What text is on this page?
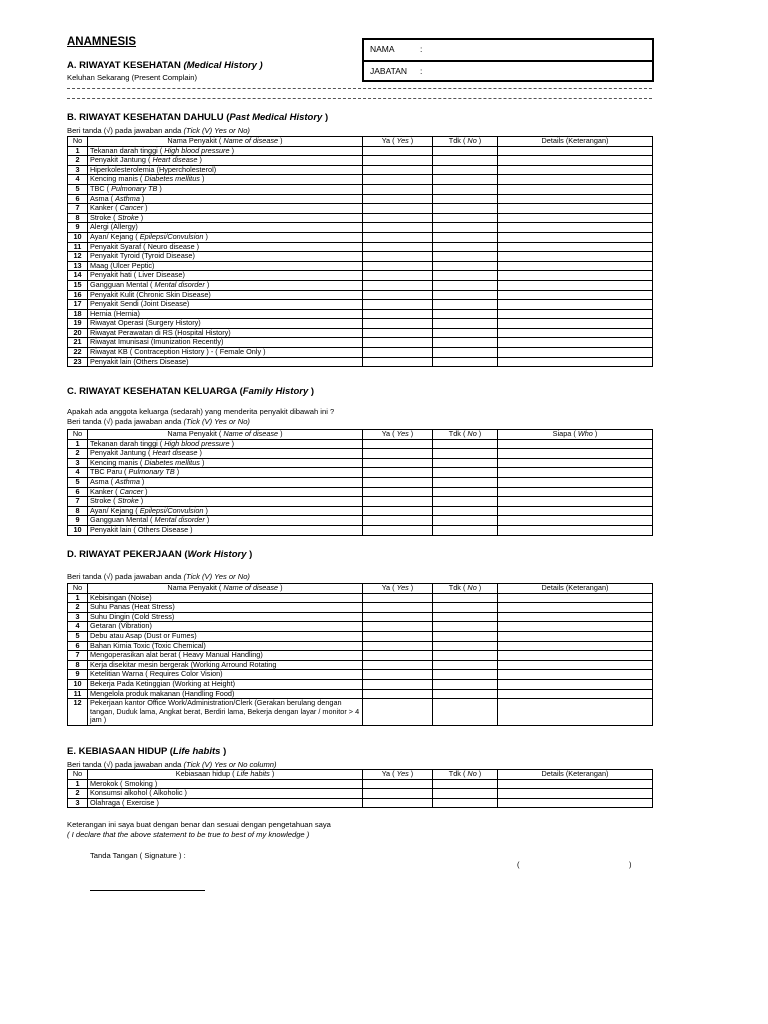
ANAMNESIS
NAMA	:
JABATAN :
A. RIWAYAT KESEHATAN (Medical History )
Keluhan Sekarang (Present Complain)
B. RIWAYAT KESEHATAN DAHULU (Past Medical History )
Beri tanda (√) pada jawaban anda (Tick (V) Yes or No)
No	Nama Penyakit ( Name of disease )	Ya ( Yes )	Tdk ( No )	Details (Keterangan)
1	Tekanan darah tinggi ( High blood pressure )			
2	Penyakit Jantung ( Heart disease )			
3	Hiperkolesterolemia (Hypercholesterol)			
4	Kencing manis ( Diabetes mellitus )			
5	TBC ( Pulmonary TB )			
6	Asma ( Asthma )			
7	Kanker ( Cancer )			
8	Stroke ( Stroke )			
9	Alergi (Allergy)			
10	Ayan/ Kejang ( Epilepsi/Convulsion )			
11	Penyakit Syaraf ( Neuro disease )			
12	Penyakit Tyroid (Tyroid Disease)			
13	Maag (Ulcer Peptic)			
14	Penyakit hati ( Liver Disease)			
15	Gangguan Mental ( Mental disorder )			
16	Penyakit Kulit (Chronic Skin Disease)			
17	Penyakit Sendi (Joint Disease)			
18	Hernia (Hernia)			
19	Riwayat Operasi (Surgery History)			
20	Riwayat Perawatan di RS (Hospital History)			
21	Riwayat Imunisasi (Imunization Recently)			
22	Riwayat KB ( Contraception History ) - ( Female Only )			
23	Penyakit lain (Others Disease)			
C. RIWAYAT KESEHATAN KELUARGA (Family History )
Apakah ada anggota keluarga (sedarah) yang menderita penyakit dibawah ini ?
Beri tanda (√) pada jawaban anda (Tick (V) Yes or No)
No	Nama Penyakit ( Name of disease )	Ya ( Yes )	Tdk ( No )	Siapa ( Who )
1	Tekanan darah tinggi ( High blood pressure )			
2	Penyakit Jantung ( Heart disease )			
3	Kencing manis ( Diabetes mellitus )			
4	TBC Paru ( Pulmonary TB )			
5	Asma ( Asthma )			
6	Kanker ( Cancer )			
7	Stroke ( Stroke )			
8	Ayan/ Kejang ( Epilepsi/Convulsion )			
9	Gangguan Mental ( Mental disorder )			
10	Penyakit lain ( Others Disease )			
D. RIWAYAT PEKERJAAN (Work History )
Beri tanda (√) pada jawaban anda (Tick (V) Yes or No)
No	Nama Penyakit ( Name of disease )	Ya ( Yes )	Tdk ( No )	Details (Keterangan)
1	Kebisingan (Noise)			
2	Suhu Panas (Heat Stress)			
3	Suhu Dingin (Cold Stress)			
4	Getaran (Vibration)			
5	Debu atau Asap (Dust or Fumes)			
6	Bahan Kimia Toxic (Toxic Chemical)			
7	Mengoperasikan alat berat ( Heavy Manual Handling)			
8	Kerja disekitar mesin bergerak (Working Arround Rotating			
9	Ketelitian Warna ( Requires Color Vision)			
10	Bekerja Pada Ketinggian (Working at Height)			
11	Mengelola produk makanan (Handling Food)			
12	Pekerjaan kantor Office Work/Administration/Clerk (Gerakan berulang dengan tangan, Duduk lama, Angkat berat, Berdiri lama, Bekerja dengan layar / monitor > 4 jam )			
E. KEBIASAAN HIDUP (Life habits )
Beri tanda (√) pada jawaban anda (Tick (V) Yes or No column)
No	Kebiasaan hidup ( Life habits )	Ya ( Yes )	Tdk ( No )	Details (Keterangan)
1	Merokok ( Smoking )			
2	Konsumsi alkohol ( Alkoholic )			
3	Olahraga ( Exercise )			
Keterangan ini saya buat dengan benar dan sesuai dengan pengetahuan saya
( I declare that the above statement to be true to best of my knowledge )
Tanda Tangan ( Signature ) :
(	)
